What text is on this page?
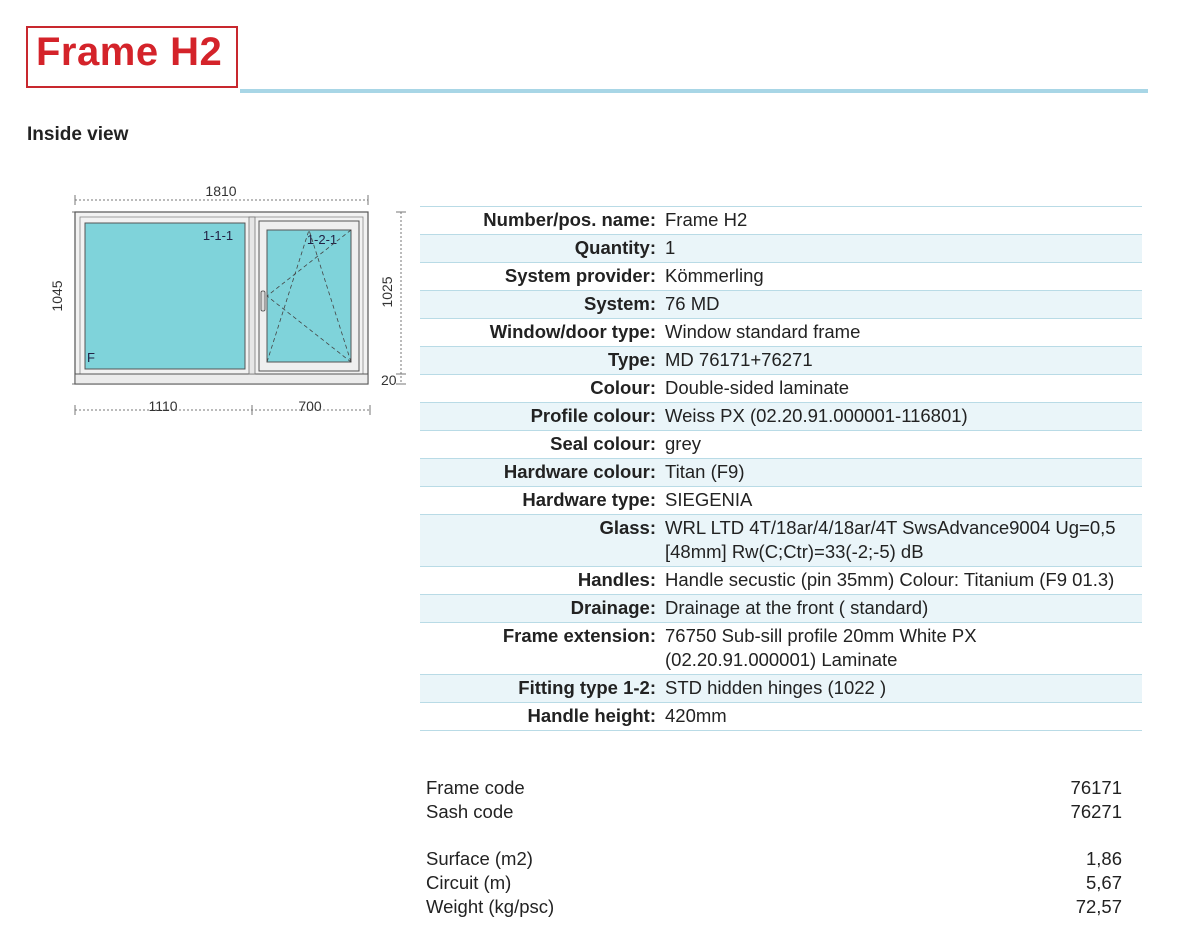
Frame H2
Inside view
1810
1045	1025
20
1110	700
1-1-1
F
1-2-1
Number/pos. name:	Frame H2
Quantity:	1
System provider:	Kömmerling
System:	76 MD
Window/door type:	Window standard frame
Type:	MD 76171+76271
Colour:	Double-sided laminate
Profile colour:	Weiss PX (02.20.91.000001-116801)
Seal colour:	grey
Hardware colour:	Titan (F9)
Hardware type:	SIEGENIA
Glass:	WRL LTD 4T/18ar/4/18ar/4T SwsAdvance9004 Ug=0,5 [48mm] Rw(C;Ctr)=33(-2;-5) dB
Handles:	Handle secustic (pin 35mm) Colour: Titanium (F9 01.3)
Drainage:	Drainage at the front ( standard)
Frame extension:	76750 Sub-sill profile 20mm White PX (02.20.91.000001) Laminate
Fitting type 1-2:	STD hidden hinges (1022 )
Handle height:	420mm
Frame code	76171
Sash code	76271
Surface (m2)	1,86
Circuit (m)	5,67
Weight (kg/psc)	72,57
